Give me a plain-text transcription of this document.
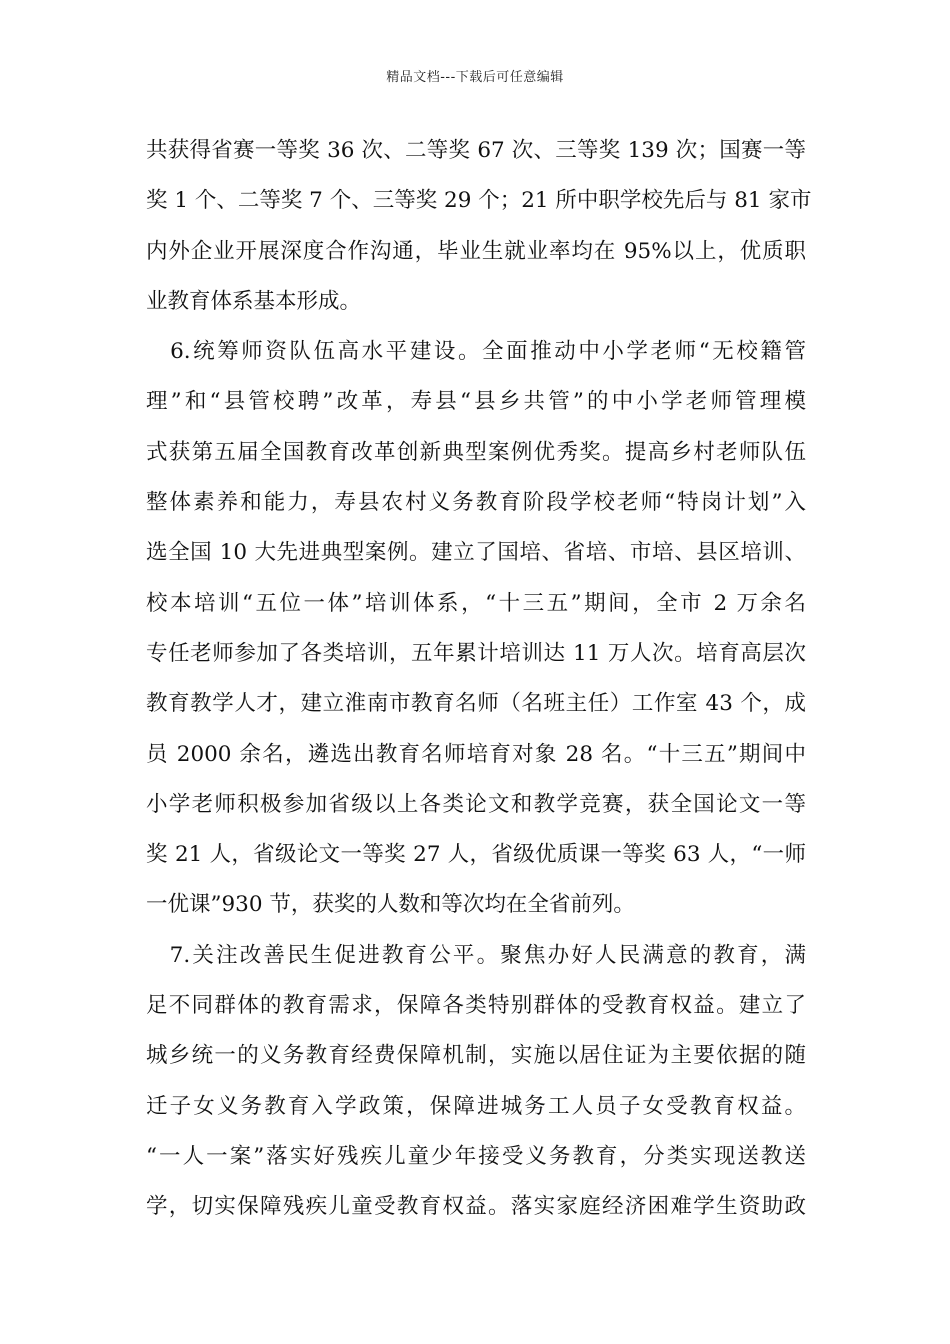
精品文档---下载后可任意编辑
共获得省赛一等奖 36 次、二等奖 67 次、三等奖 139 次；国赛一等
奖 1 个、二等奖 7 个、三等奖 29 个；21 所中职学校先后与 81 家市
内外企业开展深度合作沟通，毕业生就业率均在 95%以上，优质职
业教育体系基本形成。
　6.统筹师资队伍高水平建设。全面推动中小学老师“无校籍管
理”和“县管校聘”改革，寿县“县乡共管”的中小学老师管理模
式获第五届全国教育改革创新典型案例优秀奖。提高乡村老师队伍
整体素养和能力，寿县农村义务教育阶段学校老师“特岗计划”入
选全国 10 大先进典型案例。建立了国培、省培、市培、县区培训、
校本培训“五位一体”培训体系，“十三五”期间，全市 2 万余名
专任老师参加了各类培训，五年累计培训达 11 万人次。培育高层次
教育教学人才，建立淮南市教育名师（名班主任）工作室 43 个，成
员 2000 余名，遴选出教育名师培育对象 28 名。“十三五”期间中
小学老师积极参加省级以上各类论文和教学竞赛，获全国论文一等
奖 21 人，省级论文一等奖 27 人，省级优质课一等奖 63 人，“一师
一优课”930 节，获奖的人数和等次均在全省前列。
　7.关注改善民生促进教育公平。聚焦办好人民满意的教育，满
足不同群体的教育需求，保障各类特别群体的受教育权益。建立了
城乡统一的义务教育经费保障机制，实施以居住证为主要依据的随
迁子女义务教育入学政策，保障进城务工人员子女受教育权益。
“一人一案”落实好残疾儿童少年接受义务教育，分类实现送教送
学，切实保障残疾儿童受教育权益。落实家庭经济困难学生资助政
